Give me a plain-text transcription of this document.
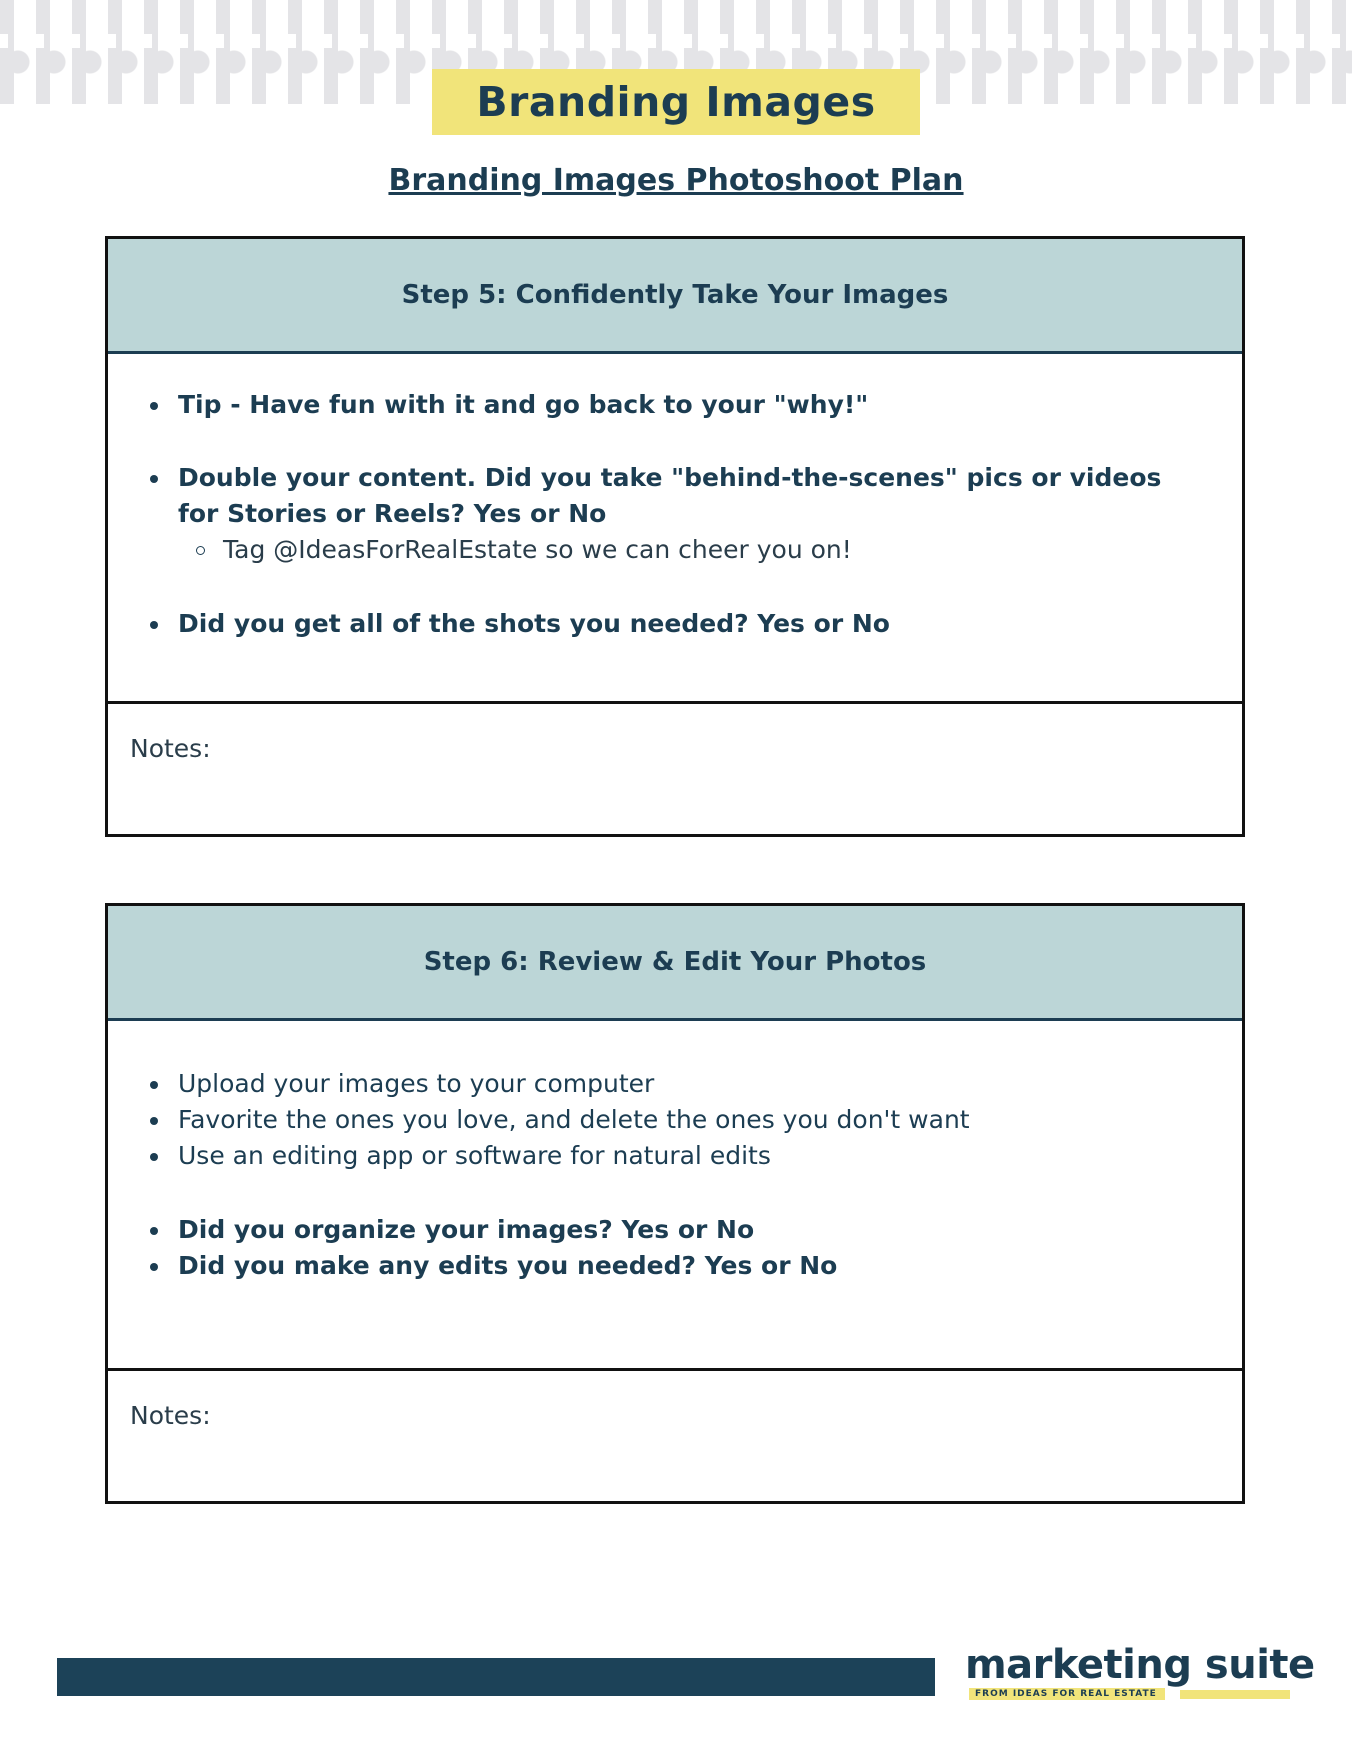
Branding Images
Branding Images Photoshoot Plan
Step 5: Confidently Take Your Images
Tip - Have fun with it and go back to your "why!"
Double your content. Did you take "behind-the-scenes" pics or videos for Stories or Reels? Yes or No
Tag @IdeasForRealEstate so we can cheer you on!
Did you get all of the shots you needed? Yes or No
Notes:
Step 6: Review & Edit Your Photos
Upload your images to your computer
Favorite the ones you love, and delete the ones you don't want
Use an editing app or software for natural edits
Did you organize your images? Yes or No
Did you make any edits you needed? Yes or No
Notes:
marketing suite
FROM IDEAS FOR REAL ESTATE
